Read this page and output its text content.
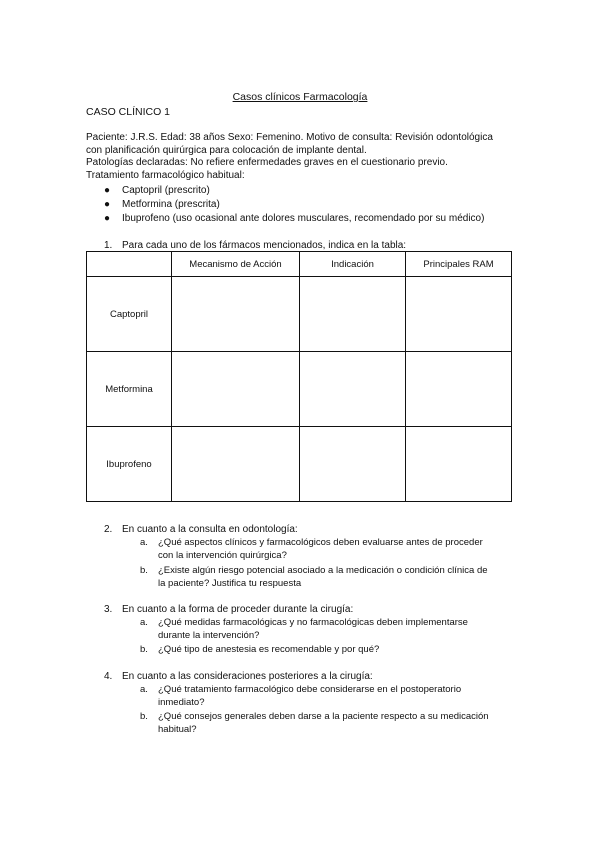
Casos clínicos Farmacología
CASO CLÍNICO 1
Paciente: J.R.S. Edad: 38 años Sexo: Femenino. Motivo de consulta: Revisión odontológica
con planificación quirúrgica para colocación de implante dental.
Patologías declaradas: No refiere enfermedades graves en el cuestionario previo.
Tratamiento farmacológico habitual:
● Captopril (prescrito)
● Metformina (prescrita)
● Ibuprofeno (uso ocasional ante dolores musculares, recomendado por su médico)
1. Para cada uno de los fármacos mencionados, indica en la tabla:
	Mecanismo de Acción	Indicación	Principales RAM
Captopril			
Metformina			
Ibuprofeno			
2. En cuanto a la consulta en odontología:
a. ¿Qué aspectos clínicos y farmacológicos deben evaluarse antes de proceder
con la intervención quirúrgica?
b. ¿Existe algún riesgo potencial asociado a la medicación o condición clínica de
la paciente? Justifica tu respuesta
3. En cuanto a la forma de proceder durante la cirugía:
a. ¿Qué medidas farmacológicas y no farmacológicas deben implementarse
durante la intervención?
b. ¿Qué tipo de anestesia es recomendable y por qué?
4. En cuanto a las consideraciones posteriores a la cirugía:
a. ¿Qué tratamiento farmacológico debe considerarse en el postoperatorio
inmediato?
b. ¿Qué consejos generales deben darse a la paciente respecto a su medicación
habitual?
